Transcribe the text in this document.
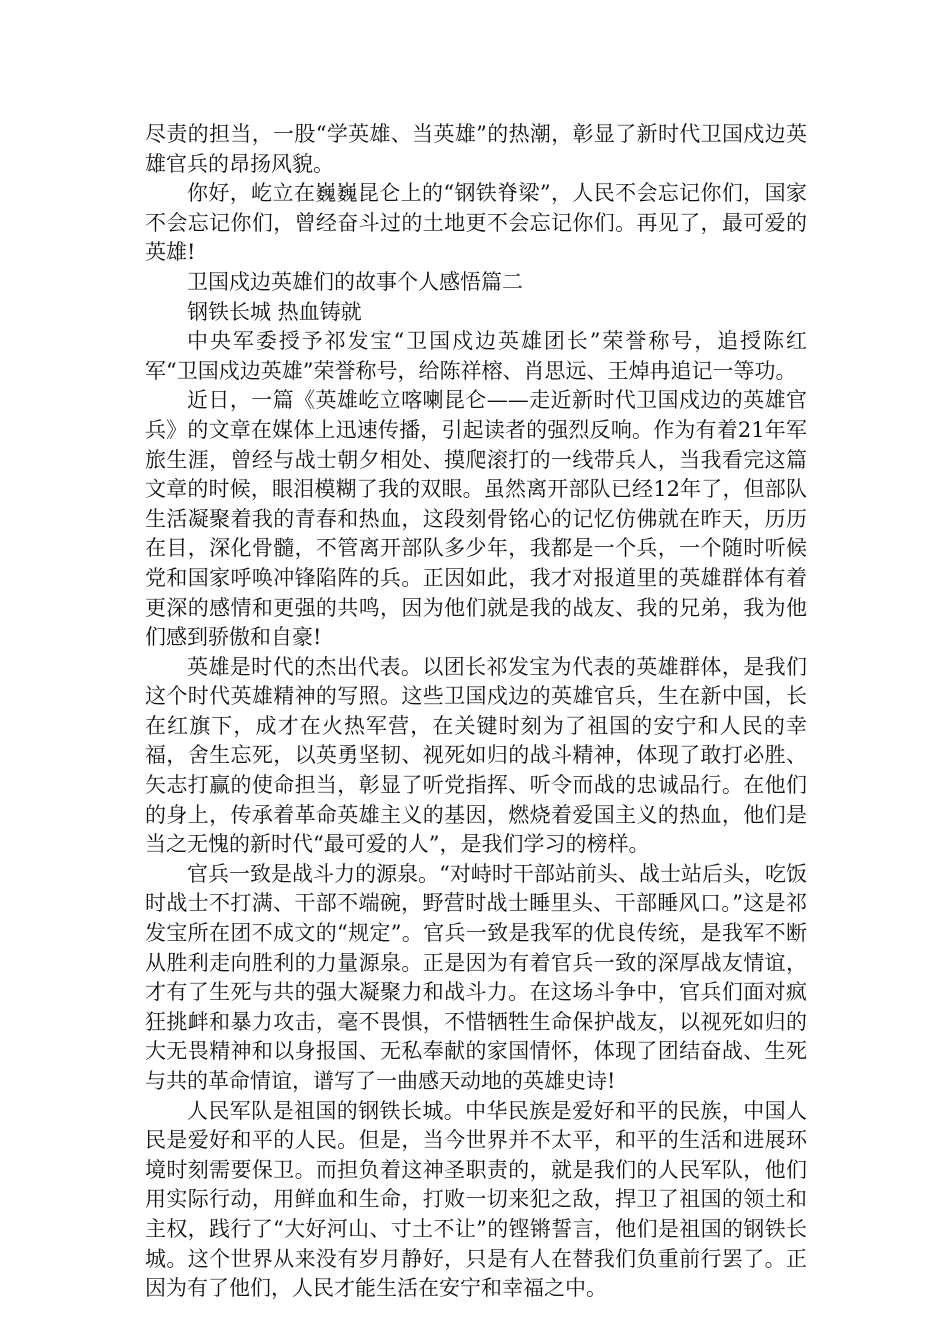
尽责的担当，一股“学英雄、当英雄”的热潮，彰显了新时代卫国戍边英雄官兵的昂扬风貌。

你好，屹立在巍巍昆仑上的“钢铁脊梁”，人民不会忘记你们，国家不会忘记你们，曾经奋斗过的土地更不会忘记你们。再见了，最可爱的英雄!

卫国戍边英雄们的故事个人感悟篇二

钢铁长城 热血铸就

中央军委授予祁发宝“卫国戍边英雄团长”荣誉称号，追授陈红军“卫国戍边英雄”荣誉称号，给陈祥榕、肖思远、王焯冉追记一等功。

近日，一篇《英雄屹立喀喇昆仑——走近新时代卫国戍边的英雄官兵》的文章在媒体上迅速传播，引起读者的强烈反响。作为有着21年军旅生涯，曾经与战士朝夕相处、摸爬滚打的一线带兵人，当我看完这篇文章的时候，眼泪模糊了我的双眼。虽然离开部队已经12年了，但部队生活凝聚着我的青春和热血，这段刻骨铭心的记忆仿佛就在昨天，历历在目，深化骨髓，不管离开部队多少年，我都是一个兵，一个随时听候党和国家呼唤冲锋陷阵的兵。正因如此，我才对报道里的英雄群体有着更深的感情和更强的共鸣，因为他们就是我的战友、我的兄弟，我为他们感到骄傲和自豪!

英雄是时代的杰出代表。以团长祁发宝为代表的英雄群体，是我们这个时代英雄精神的写照。这些卫国戍边的英雄官兵，生在新中国，长在红旗下，成才在火热军营，在关键时刻为了祖国的安宁和人民的幸福，舍生忘死，以英勇坚韧、视死如归的战斗精神，体现了敢打必胜、矢志打赢的使命担当，彰显了听党指挥、听令而战的忠诚品行。在他们的身上，传承着革命英雄主义的基因，燃烧着爱国主义的热血，他们是当之无愧的新时代“最可爱的人”，是我们学习的榜样。

官兵一致是战斗力的源泉。“对峙时干部站前头、战士站后头，吃饭时战士不打满、干部不端碗，野营时战士睡里头、干部睡风口。”这是祁发宝所在团不成文的“规定”。官兵一致是我军的优良传统，是我军不断从胜利走向胜利的力量源泉。正是因为有着官兵一致的深厚战友情谊，才有了生死与共的强大凝聚力和战斗力。在这场斗争中，官兵们面对疯狂挑衅和暴力攻击，毫不畏惧，不惜牺牲生命保护战友，以视死如归的大无畏精神和以身报国、无私奉献的家国情怀，体现了团结奋战、生死与共的革命情谊，谱写了一曲感天动地的英雄史诗!

人民军队是祖国的钢铁长城。中华民族是爱好和平的民族，中国人民是爱好和平的人民。但是，当今世界并不太平，和平的生活和进展环境时刻需要保卫。而担负着这神圣职责的，就是我们的人民军队，他们用实际行动，用鲜血和生命，打败一切来犯之敌，捍卫了祖国的领土和主权，践行了“大好河山、寸土不让”的铿锵誓言，他们是祖国的钢铁长城。这个世界从来没有岁月静好，只是有人在替我们负重前行罢了。正因为有了他们，人民才能生活在安宁和幸福之中。
